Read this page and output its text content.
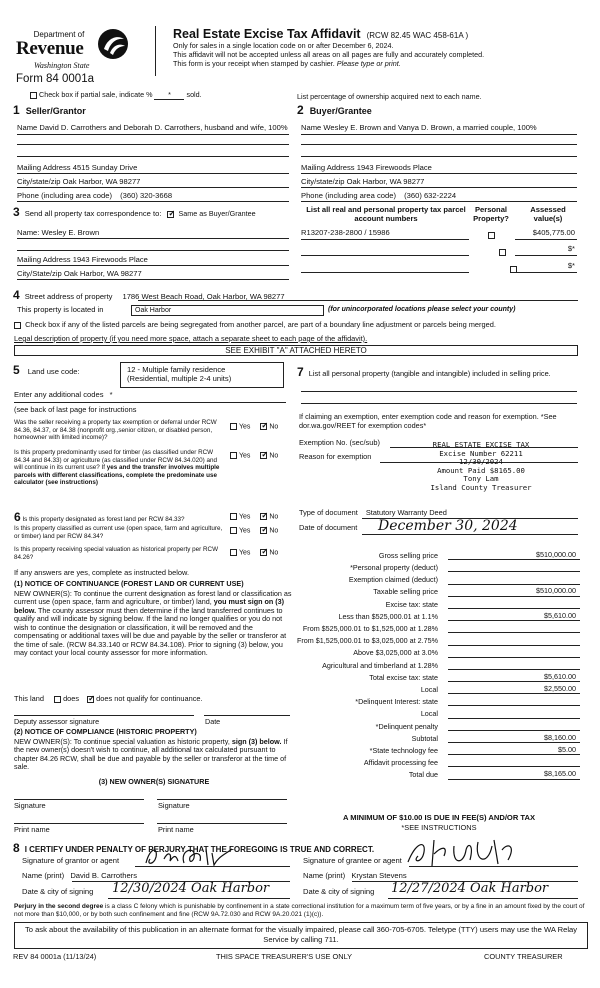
Department of
Revenue
Washington State
Form 84 0001a
Real Estate Excise Tax Affidavit (RCW 82.45 WAC 458-61A )
Only for sales in a single location code on or after December 6, 2024.
This affidavit will not be accepted unless all areas on all pages are fully and accurately completed.
This form is your receipt when stamped by cashier. Please type or print.
Check box if partial sale, indicate % * sold.	List percentage of ownership acquired next to each name.
1 Seller/Grantor
Name David D. Carrothers and Deborah D. Carrothers, husband and wife, 100%
Mailing Address 4515 Sunday Drive
City/state/zip Oak Harbor, WA 98277
Phone (including area code) (360) 320-3668
2 Buyer/Grantee
Name Wesley E. Brown and Vanya D. Brown, a married couple, 100%
Mailing Address 1943 Firewoods Place
City/state/zip Oak Harbor, WA 98277
Phone (including area code) (360) 632-2224
3 Send all property tax correspondence to: ✓ Same as Buyer/Grantee
Name: Wesley E. Brown
Mailing Address 1943 Firewoods Place
City/State/zip Oak Harbor, WA 98277
List all real and personal property tax parcel account numbers
Personal Property?
Assessed value(s)
R13207-238-2800 / 15986
	$405,775.00

$*
$*
4 Street address of property 1786 West Beach Road, Oak Harbor, WA 98277
This property is located in	Oak Harbor	(for unincorporated locations please select your county)
Check box if any of the listed parcels are being segregated from another parcel, are part of a boundary line adjustment or parcels being merged.
Legal description of property (if you need more space, attach a separate sheet to each page of the affidavit).
SEE EXHIBIT "A" ATTACHED HERETO
5 Land use code:	12 - Multiple family residence
(Residential, multiple 2-4 units)
Enter any additional codes *
(see back of last page for instructions
Was the seller receiving a property tax exemption or deferral under RCW 84.36, 84.37, or 84.38 (nonprofit org.,senior citizen, or disabled person, homeowner with limited income)?
Yes ✓	No
Is this property predominantly used for timber (as classified under RCW 84.34 and 84.33) or agriculture (as classified under RCW 84.34.020) and will continue in its current use? If yes and the transfer involves multiple parcels with different classifications, complete the predominate use calculator (see instructions)
Yes ✓	No
6 Is this property designated as forest land per RCW 84.33?	Yes ✓	No
Is this property classified as current use (open space, farm and agriculture, or timber) land per RCW 84.34?
Yes ✓	No
Is this property receiving special valuation as historical property per RCW 84.26?
Yes ✓	No
If any answers are yes, complete as instructed below.
(1) NOTICE OF CONTINUANCE (FOREST LAND OR CURRENT USE)
NEW OWNER(S): To continue the current designation as forest land or classification as current use (open space, farm and agriculture, or timber) land, you must sign on (3) below. The county assessor must then determine if the land transferred continues to qualify and will indicate by signing below. If the land no longer qualifies or you do not wish to continue the designation or classification, it will be removed and the compensating or additional taxes will be due and payable by the seller or transferor at the time of sale. (RCW 84.33.140 or RCW 84.34.108). Prior to signing (3) below, you may contact your local county assessor for more information.
This land	does ✓ does not qualify for continuance.
Deputy assessor signature	Date
(2) NOTICE OF COMPLIANCE (HISTORIC PROPERTY)
NEW OWNER(S): To continue special valuation as historic property, sign (3) below. If the new owner(s) doesn't wish to continue, all additional tax calculated pursuant to chapter 84.26 RCW, shall be due and payable by the seller or transferor at the time of sale.
(3) NEW OWNER(S) SIGNATURE
Signature	Signature
Print name	Print name
7 List all personal property (tangible and intangible) included in selling price.
If claiming an exemption, enter exemption code and reason for exemption. *See dor.wa.gov/REET for exemption codes*
Exemption No. (sec/sub)
Reason for exemption
REAL ESTATE EXCISE TAX
Excise Number 62211
12/30/2024
Amount Paid $8165.00
Tony Lam
Island County Treasurer
Type of document Statutory Warranty Deed
Date of document December 30, 2024
Gross selling price	$510,000.00
*Personal property (deduct)
Exemption claimed (deduct)
Taxable selling price	$510,000.00
Excise tax: state
Less than $525,000.01 at 1.1%	$5,610.00
From $525,000.01 to $1,525,000 at 1.28%
From $1,525,000.01 to $3,025,000 at 2.75%
Above $3,025,000 at 3.0%
Agricultural and timberland at 1.28%
Total excise tax: state	$5,610.00
Local	$2,550.00
*Delinquent Interest: state
Local
*Delinquent penalty
Subtotal	$8,160.00
*State technology fee	$5.00
Affidavit processing fee
Total due	$8,165.00
A MINIMUM OF $10.00 IS DUE IN FEE(S) AND/OR TAX
*SEE INSTRUCTIONS
8 I CERTIFY UNDER PENALTY OF PERJURY THAT THE FOREGOING IS TRUE AND CORRECT.
Signature of grantor or agent
Name (print) David B. Carrothers
Date & city of signing 12/30/2024 Oak Harbor
Signature of grantee or agent
Name (print) Krystan Stevens
Date & city of signing 12/27/2024 Oak Harbor
Perjury in the second degree is a class C felony which is punishable by confinement in a state correctional institution for a maximum term of five years, or by a fine in an amount fixed by the court of not more than $10,000, or by both such confinement and fine (RCW 9A.72.030 and RCW 9A.20.021 (1)(c)).
To ask about the availability of this publication in an alternate format for the visually impaired, please call 360-705-6705. Teletype (TTY) users may use the WA Relay Service by calling 711.
REV 84 0001a (11/13/24)	THIS SPACE TREASURER'S USE ONLY	COUNTY TREASURER
